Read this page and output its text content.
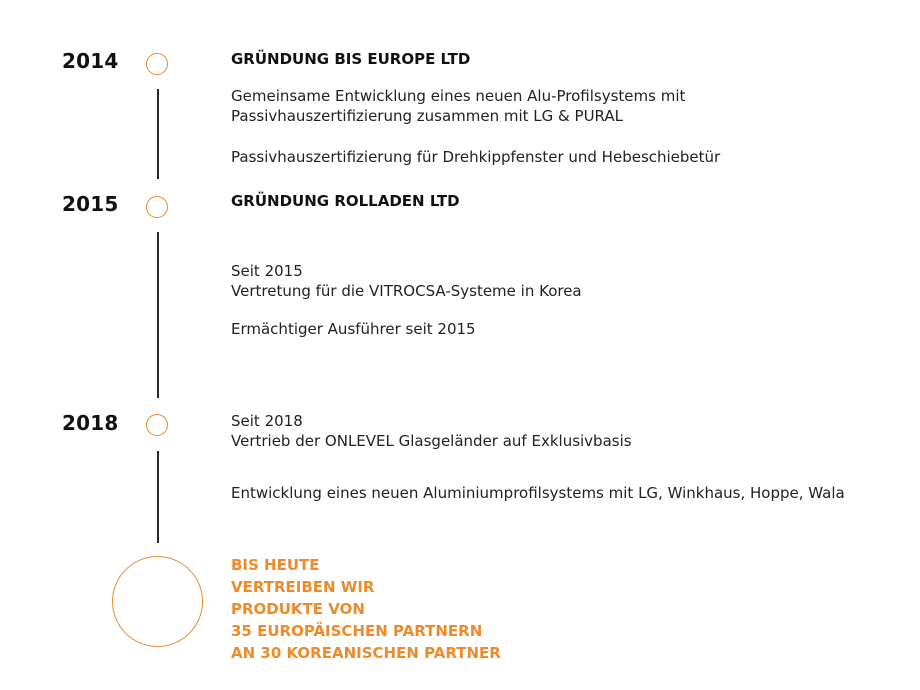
2014	GRÜNDUNG BIS EUROPE LTD
Gemeinsame Entwicklung eines neuen Alu-Profilsystems mit Passivhauszertifizierung zusammen mit LG & PURAL
Passivhauszertifizierung für Drehkippfenster und Hebeschiebetür
2015	GRÜNDUNG ROLLADEN LTD
Seit 2015
Vertretung für die VITROCSA-Systeme in Korea
Ermächtiger Ausführer seit 2015
2018	Seit 2018
Vertrieb der ONLEVEL Glasgeländer auf Exklusivbasis
Entwicklung eines neuen Aluminiumprofilsystems mit LG, Winkhaus, Hoppe, Wala
BIS HEUTE
VERTREIBEN WIR
PRODUKTE VON
35 EUROPÄISCHEN PARTNERN
AN 30 KOREANISCHEN PARTNER
